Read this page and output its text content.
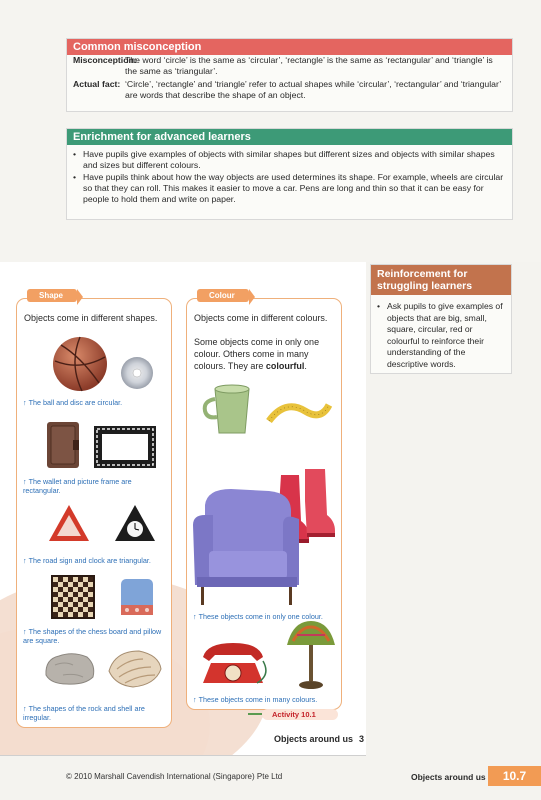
Common misconception
Misconception:
The word ‘circle’ is the same as ‘circular’, ‘rectangle’ is the same as ‘rectangular’ and ‘triangle’ is the same as ‘triangular’.
Actual fact: ‘Circle’, ‘rectangle’ and ‘triangle’ refer to actual shapes while ‘circular’, ‘rectangular’ and ‘triangular’ are words that describe the shape of an object.
Enrichment for advanced learners
• Have pupils give examples of objects with similar shapes but different sizes and objects with similar shapes and sizes but different colours.
• Have pupils think about how the way objects are used determines its shape. For example, wheels are circular so that they can roll. This makes it easier to move a car. Pens are long and thin so that it can be easy for people to hold them and write on paper.
Shape
Objects come in different shapes.
↑ The ball and disc are circular.
↑ The wallet and picture frame are rectangular.
↑ The road sign and clock are triangular.
↑ The shapes of the chess board and pillow are square.
↑ The shapes of the rock and shell are irregular.
Colour
Objects come in different colours.
Some objects come in only one colour. Others come in many colours. They are colourful.
↑ These objects come in only one colour.
↑ These objects come in many colours.
Activity 10.1
Objects around us 3
Reinforcement for struggling learners
• Ask pupils to give examples of objects that are big, small, square, circular, red or colourful to reinforce their understanding of the descriptive words.
© 2010 Marshall Cavendish International (Singapore) Pte Ltd	Objects around us	10.7
